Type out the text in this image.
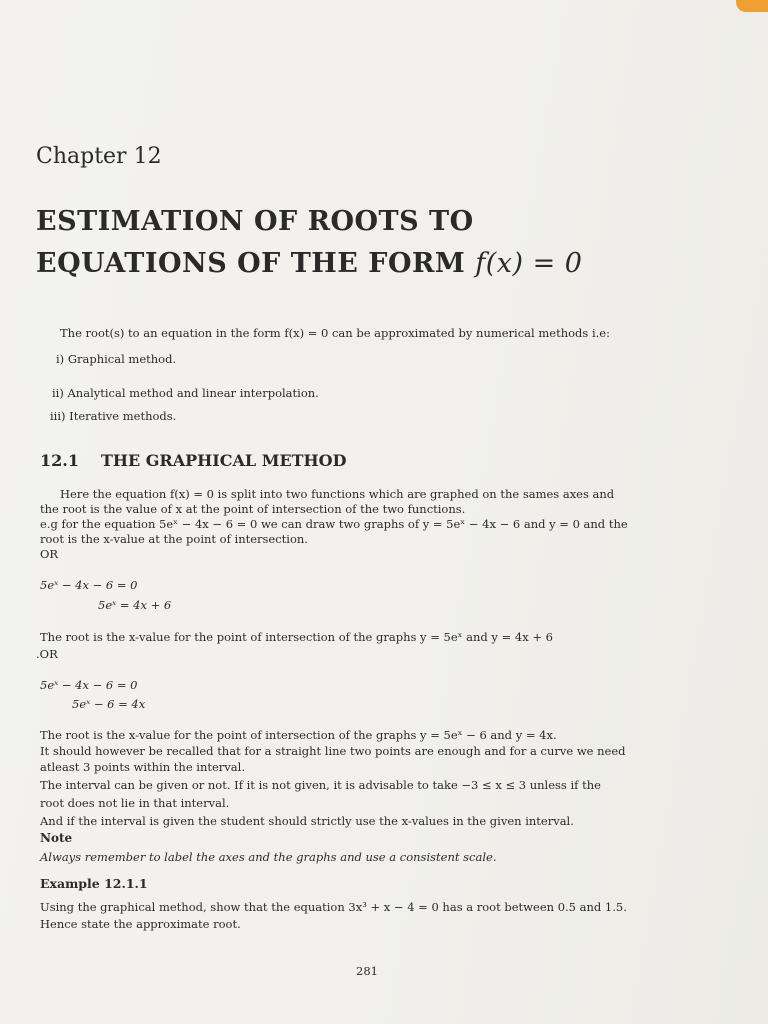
Chapter 12
ESTIMATION OF ROOTS TO
EQUATIONS OF THE FORM f(x) = 0
The root(s) to an equation in the form f(x) = 0 can be approximated by numerical methods i.e:
i) Graphical method.
ii) Analytical method and linear interpolation.
iii) Iterative methods.
12.1 THE GRAPHICAL METHOD
Here the equation f(x) = 0 is split into two functions which are graphed on the sames axes and
the root is the value of x at the point of intersection of the two functions.
e.g for the equation 5eˣ − 4x − 6 = 0 we can draw two graphs of y = 5eˣ − 4x − 6 and y = 0 and the
root is the x-value at the point of intersection.
OR
5eˣ − 4x − 6 = 0
5eˣ = 4x + 6
The root is the x-value for the point of intersection of the graphs y = 5eˣ and y = 4x + 6
.OR
5eˣ − 4x − 6 = 0
5eˣ − 6 = 4x
The root is the x-value for the point of intersection of the graphs y = 5eˣ − 6 and y = 4x.
It should however be recalled that for a straight line two points are enough and for a curve we need
atleast 3 points within the interval.
The interval can be given or not. If it is not given, it is advisable to take −3 ≤ x ≤ 3 unless if the
root does not lie in that interval.
And if the interval is given the student should strictly use the x-values in the given interval.
Note
Always remember to label the axes and the graphs and use a consistent scale.
Example 12.1.1
Using the graphical method, show that the equation 3x³ + x − 4 = 0 has a root between 0.5 and 1.5.
Hence state the approximate root.
281
